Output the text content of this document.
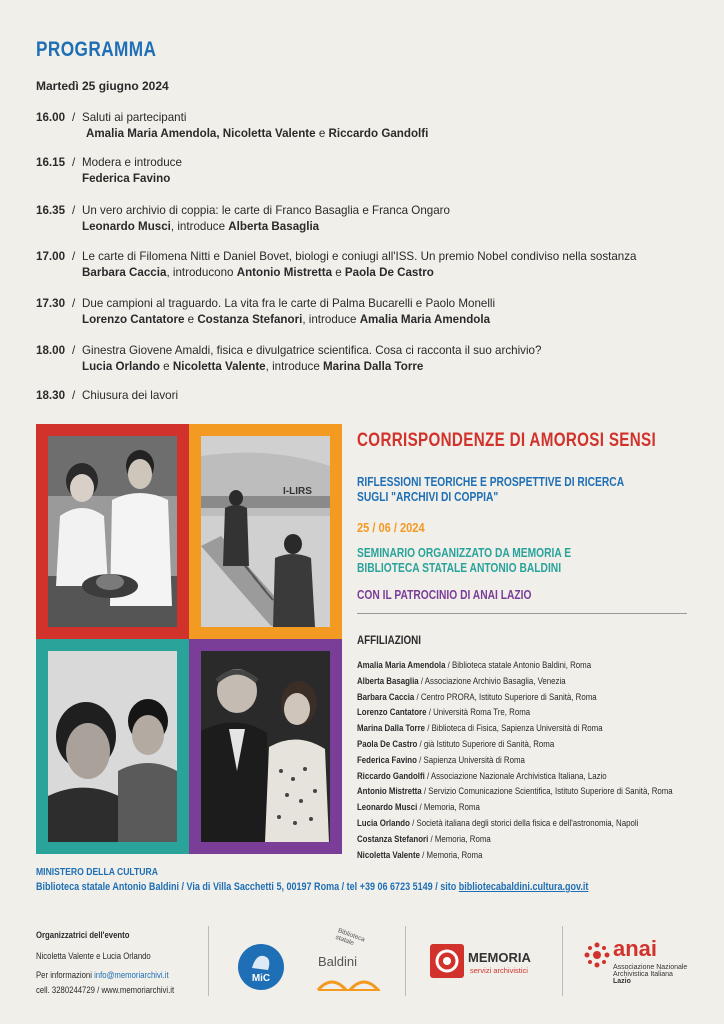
PROGRAMMA
Martedì 25 giugno 2024
16.00 / Saluti ai partecipanti
Amalia Maria Amendola, Nicoletta Valente e Riccardo Gandolfi
16.15 / Modera e introduce
Federica Favino
16.35 / Un vero archivio di coppia: le carte di Franco Basaglia e Franca Ongaro
Leonardo Musci, introduce Alberta Basaglia
17.00 / Le carte di Filomena Nitti e Daniel Bovet, biologi e coniugi all'ISS. Un premio Nobel condiviso nella sostanza
Barbara Caccia, introducono Antonio Mistretta e Paola De Castro
17.30 / Due campioni al traguardo. La vita fra le carte di Palma Bucarelli e Paolo Monelli
Lorenzo Cantatore e Costanza Stefanori, introduce Amalia Maria Amendola
18.00 / Ginestra Giovene Amaldi, fisica e divulgatrice scientifica. Cosa ci racconta il suo archivio?
Lucia Orlando e Nicoletta Valente, introduce Marina Dalla Torre
18.30 / Chiusura dei lavori
I-LIRS
CORRISPONDENZE DI AMOROSI SENSI
RIFLESSIONI TEORICHE E PROSPETTIVE DI RICERCA SUGLI "ARCHIVI DI COPPIA"
25 / 06 / 2024
SEMINARIO ORGANIZZATO DA MEMORIA E BIBLIOTECA STATALE ANTONIO BALDINI
CON IL PATROCINIO DI ANAI LAZIO
AFFILIAZIONI
Amalia Maria Amendola / Biblioteca statale Antonio Baldini, Roma
Alberta Basaglia / Associazione Archivio Basaglia, Venezia
Barbara Caccia / Centro PRORA, Istituto Superiore di Sanità, Roma
Lorenzo Cantatore / Università Roma Tre, Roma
Marina Dalla Torre / Biblioteca di Fisica, Sapienza Università di Roma
Paola De Castro / già Istituto Superiore di Sanità, Roma
Federica Favino / Sapienza Università di Roma
Riccardo Gandolfi / Associazione Nazionale Archivistica Italiana, Lazio
Antonio Mistretta / Servizio Comunicazione Scientifica, Istituto Superiore di Sanità, Roma
Leonardo Musci / Memoria, Roma
Lucia Orlando / Società italiana degli storici della fisica e dell'astronomia, Napoli
Costanza Stefanori / Memoria, Roma
Nicoletta Valente / Memoria, Roma
MINISTERO DELLA CULTURA
Biblioteca statale Antonio Baldini / Via di Villa Sacchetti 5, 00197 Roma / tel +39 06 6723 5149 / sito bibliotecabaldini.cultura.gov.it
Organizzatrici dell'evento
Nicoletta Valente e Lucia Orlando
Per informazioni info@memoriarchivi.it
cell. 3280244729 / www.memoriarchivi.it
MiC
Biblioteca statale
Baldini	MEMORIA
servizi archivistici
anai
Associazione Nazionale
Archivistica Italiana
Lazio
